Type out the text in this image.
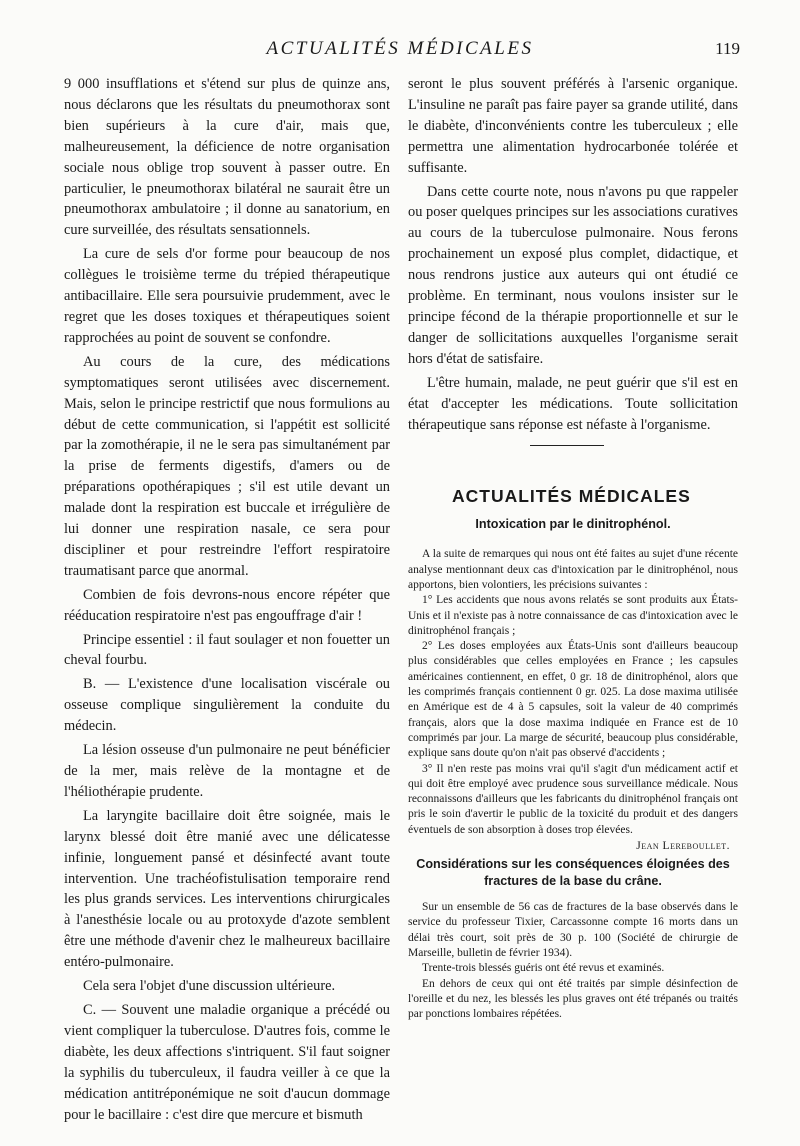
ACTUALITÉS MÉDICALES	119

9 000 insufflations et s'étend sur plus de quinze ans, nous déclarons que les résultats du pneumothorax sont bien supérieurs à la cure d'air, mais que, malheureusement, la déficience de notre organisation sociale nous oblige trop souvent à passer outre. En particulier, le pneumothorax bilatéral ne saurait être un pneumothorax ambulatoire ; il donne au sanatorium, en cure surveillée, des résultats sensationnels.

La cure de sels d'or forme pour beaucoup de nos collègues le troisième terme du trépied thérapeutique antibacillaire. Elle sera poursuivie prudemment, avec le regret que les doses toxiques et thérapeutiques soient rapprochées au point de souvent se confondre.

Au cours de la cure, des médications symptomatiques seront utilisées avec discernement. Mais, selon le principe restrictif que nous formulions au début de cette communication, si l'appétit est sollicité par la zomothérapie, il ne le sera pas simultanément par la prise de ferments digestifs, d'amers ou de préparations opothérapiques ; s'il est utile devant un malade dont la respiration est buccale et irrégulière de lui donner une respiration nasale, ce sera pour discipliner et pour restreindre l'effort respiratoire traumatisant parce que anormal.

Combien de fois devrons-nous encore répéter que rééducation respiratoire n'est pas engouffrage d'air !

Principe essentiel : il faut soulager et non fouetter un cheval fourbu.

B. — L'existence d'une localisation viscérale ou osseuse complique singulièrement la conduite du médecin.

La lésion osseuse d'un pulmonaire ne peut bénéficier de la mer, mais relève de la montagne et de l'héliothérapie prudente.

La laryngite bacillaire doit être soignée, mais le larynx blessé doit être manié avec une délicatesse infinie, longuement pansé et désinfecté avant toute intervention. Une trachéofistulisation temporaire rend les plus grands services. Les interventions chirurgicales à l'anesthésie locale ou au protoxyde d'azote semblent être une méthode d'avenir chez le malheureux bacillaire entéro-pulmonaire.

Cela sera l'objet d'une discussion ultérieure.

C. — Souvent une maladie organique a précédé ou vient compliquer la tuberculose. D'autres fois, comme le diabète, les deux affections s'intriquent. S'il faut soigner la syphilis du tuberculeux, il faudra veiller à ce que la médication antitréponémique ne soit d'aucun dommage pour le bacillaire : c'est dire que mercure et bismuth

seront le plus souvent préférés à l'arsenic organique. L'insuline ne paraît pas faire payer sa grande utilité, dans le diabète, d'inconvénients contre les tuberculeux ; elle permettra une alimentation hydrocarbonée tolérée et suffisante.

Dans cette courte note, nous n'avons pu que rappeler ou poser quelques principes sur les associations curatives au cours de la tuberculose pulmonaire. Nous ferons prochainement un exposé plus complet, didactique, et nous rendrons justice aux auteurs qui ont étudié ce problème. En terminant, nous voulons insister sur le principe fécond de la thérapie proportionnelle et sur le danger de sollicitations auxquelles l'organisme serait hors d'état de satisfaire.

L'être humain, malade, ne peut guérir que s'il est en état d'accepter les médications. Toute sollicitation thérapeutique sans réponse est néfaste à l'organisme.

ACTUALITÉS MÉDICALES
Intoxication par le dinitrophénol.

A la suite de remarques qui nous ont été faites au sujet d'une récente analyse mentionnant deux cas d'intoxication par le dinitrophénol, nous apportons, bien volontiers, les précisions suivantes :

1° Les accidents que nous avons relatés se sont produits aux États-Unis et il n'existe pas à notre connaissance de cas d'intoxication avec le dinitrophénol français ;

2° Les doses employées aux États-Unis sont d'ailleurs beaucoup plus considérables que celles employées en France ; les capsules américaines contiennent, en effet, 0 gr. 18 de dinitrophénol, alors que les comprimés français contiennent 0 gr. 025. La dose maxima utilisée en Amérique est de 4 à 5 capsules, soit la valeur de 40 comprimés français, alors que la dose maxima indiquée en France est de 10 comprimés par jour. La marge de sécurité, beaucoup plus considérable, explique sans doute qu'on n'ait pas observé d'accidents ;

3° Il n'en reste pas moins vrai qu'il s'agit d'un médicament actif et qui doit être employé avec prudence sous surveillance médicale. Nous reconnaissons d'ailleurs que les fabricants du dinitrophénol français ont pris le soin d'avertir le public de la toxicité du produit et des dangers éventuels de son absorption à doses trop élevées.

Jean Lereboullet.
Considérations sur les conséquences éloignées des fractures de la base du crâne.

Sur un ensemble de 56 cas de fractures de la base observés dans le service du professeur Tixier, Carcassonne compte 16 morts dans un délai très court, soit près de 30 p. 100 (Société de chirurgie de Marseille, bulletin de février 1934).

Trente-trois blessés guéris ont été revus et examinés.

En dehors de ceux qui ont été traités par simple désinfection de l'oreille et du nez, les blessés les plus graves ont été trépanés ou traités par ponctions lombaires répétées.
